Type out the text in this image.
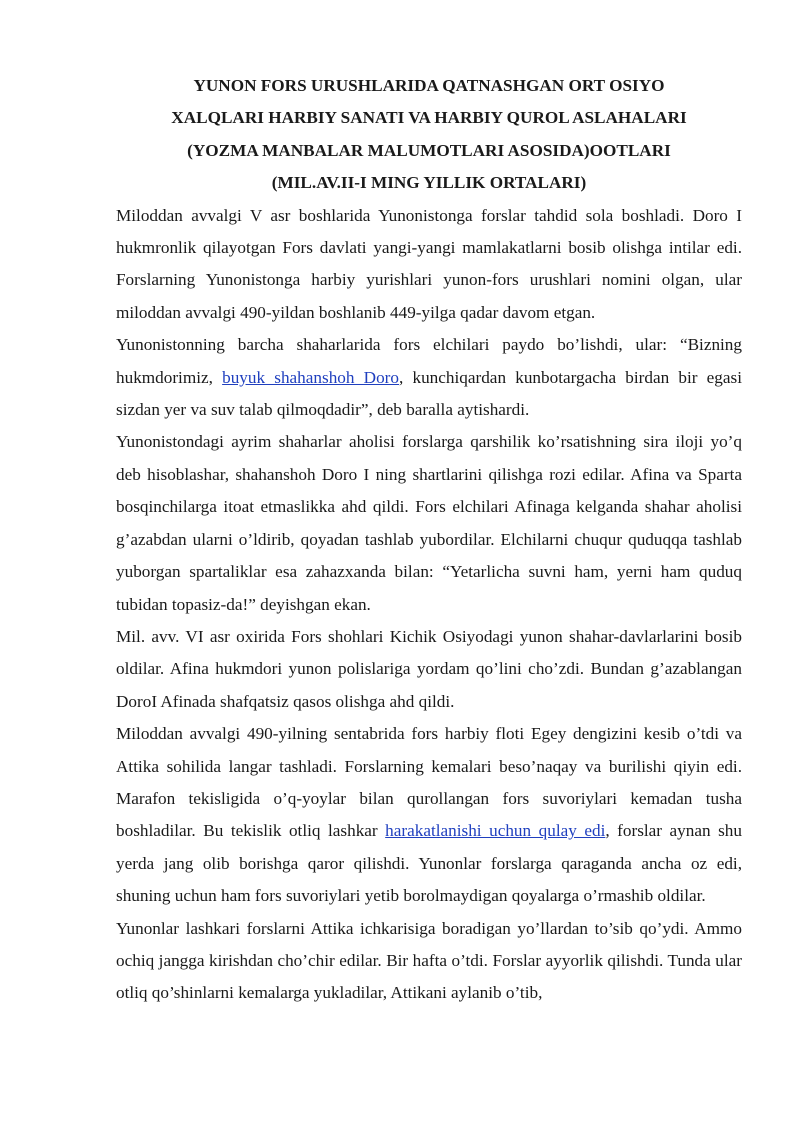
YUNON FORS URUSHLARIDA QATNASHGAN ORT OSIYO
XALQLARI HARBIY SANATI VA HARBIY QUROL ASLAHALARI
(YOZMA MANBALAR MALUMOTLARI ASOSIDA)OOTLARI
(MIL.AV.II-I MING YILLIK ORTALARI)

Miloddan avvalgi V asr boshlarida Yunonistonga forslar tahdid sola boshladi. Doro I hukmronlik qilayotgan Fors davlati yangi-yangi mamlakatlarni bosib olishga intilar edi. Forslarning Yunonistonga harbiy yurishlari yunon-fors urushlari nomini olgan, ular miloddan avvalgi 490-yildan boshlanib 449-yilga qadar davom etgan.

Yunonistonning barcha shaharlarida fors elchilari paydo bo’lishdi, ular: “Bizning hukmdorimiz, buyuk shahanshoh Doro, kunchiqardan kunbotargacha birdan bir egasi sizdan yer va suv talab qilmoqdadir”, deb baralla aytishardi.

Yunonistondagi ayrim shaharlar aholisi forslarga qarshilik ko’rsatishning sira iloji yo’q deb hisoblashar, shahanshoh Doro I ning shartlarini qilishga rozi edilar. Afina va Sparta bosqinchilarga itoat etmaslikka ahd qildi. Fors elchilari Afinaga kelganda shahar aholisi g’azabdan ularni o’ldirib, qoyadan tashlab yubordilar. Elchilarni chuqur quduqqa tashlab yuborgan spartaliklar esa zahazxanda bilan: “Yetarlicha suvni ham, yerni ham quduq tubidan topasiz-da!” deyishgan ekan.

Mil. avv. VI asr oxirida Fors shohlari Kichik Osiyodagi yunon shahar-davlarlarini bosib oldilar. Afina hukmdori yunon polislariga yordam qo’lini cho’zdi. Bundan g’azablangan DoroI Afinada shafqatsiz qasos olishga ahd qildi.

Miloddan avvalgi 490-yilning sentabrida fors harbiy floti Egey dengizini kesib o’tdi va Attika sohilida langar tashladi. Forslarning kemalari beso’naqay va burilishi qiyin edi. Marafon tekisligida o’q-yoylar bilan qurollangan fors suvoriylari kemadan tusha boshladilar. Bu tekislik otliq lashkar harakatlanishi uchun qulay edi, forslar aynan shu yerda jang olib borishga qaror qilishdi. Yunonlar forslarga qaraganda ancha oz edi, shuning uchun ham fors suvoriylari yetib borolmaydigan qoyalarga o’rmashib oldilar.

Yunonlar lashkari forslarni Attika ichkarisiga boradigan yo’llardan to’sib qo’ydi. Ammo ochiq jangga kirishdan cho’chir edilar. Bir hafta o’tdi. Forslar ayyorlik qilishdi. Tunda ular otliq qo’shinlarni kemalarga yukladilar, Attikani aylanib o’tib,
